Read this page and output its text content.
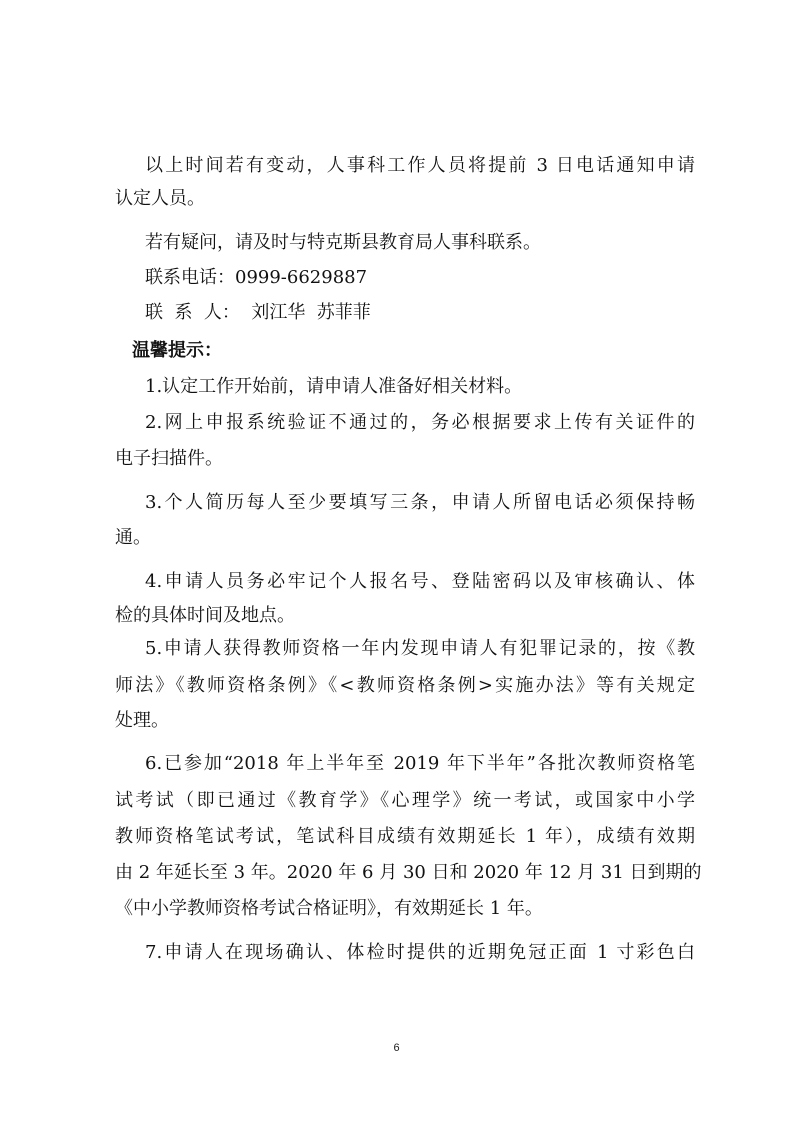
以上时间若有变动，人事科工作人员将提前 3 日电话通知申请
认定人员。
若有疑问，请及时与特克斯县教育局人事科联系。
联系电话：0999-6629887
联  系  人：  刘江华  苏菲菲
温馨提示：
1.认定工作开始前，请申请人准备好相关材料。
2.网上申报系统验证不通过的，务必根据要求上传有关证件的
电子扫描件。
3.个人简历每人至少要填写三条，申请人所留电话必须保持畅
通。
4.申请人员务必牢记个人报名号、登陆密码以及审核确认、体
检的具体时间及地点。
5.申请人获得教师资格一年内发现申请人有犯罪记录的，按《教
师法》《教师资格条例》《<教师资格条例>实施办法》等有关规定
处理。
6.已参加“2018 年上半年至 2019 年下半年”各批次教师资格笔
试考试（即已通过《教育学》《心理学》统一考试，或国家中小学
教师资格笔试考试，笔试科目成绩有效期延长 1 年），成绩有效期
由 2 年延长至 3 年。2020 年 6 月 30 日和 2020 年 12 月 31 日到期的
《中小学教师资格考试合格证明》，有效期延长 1 年。
7.申请人在现场确认、体检时提供的近期免冠正面 1 寸彩色白
6
